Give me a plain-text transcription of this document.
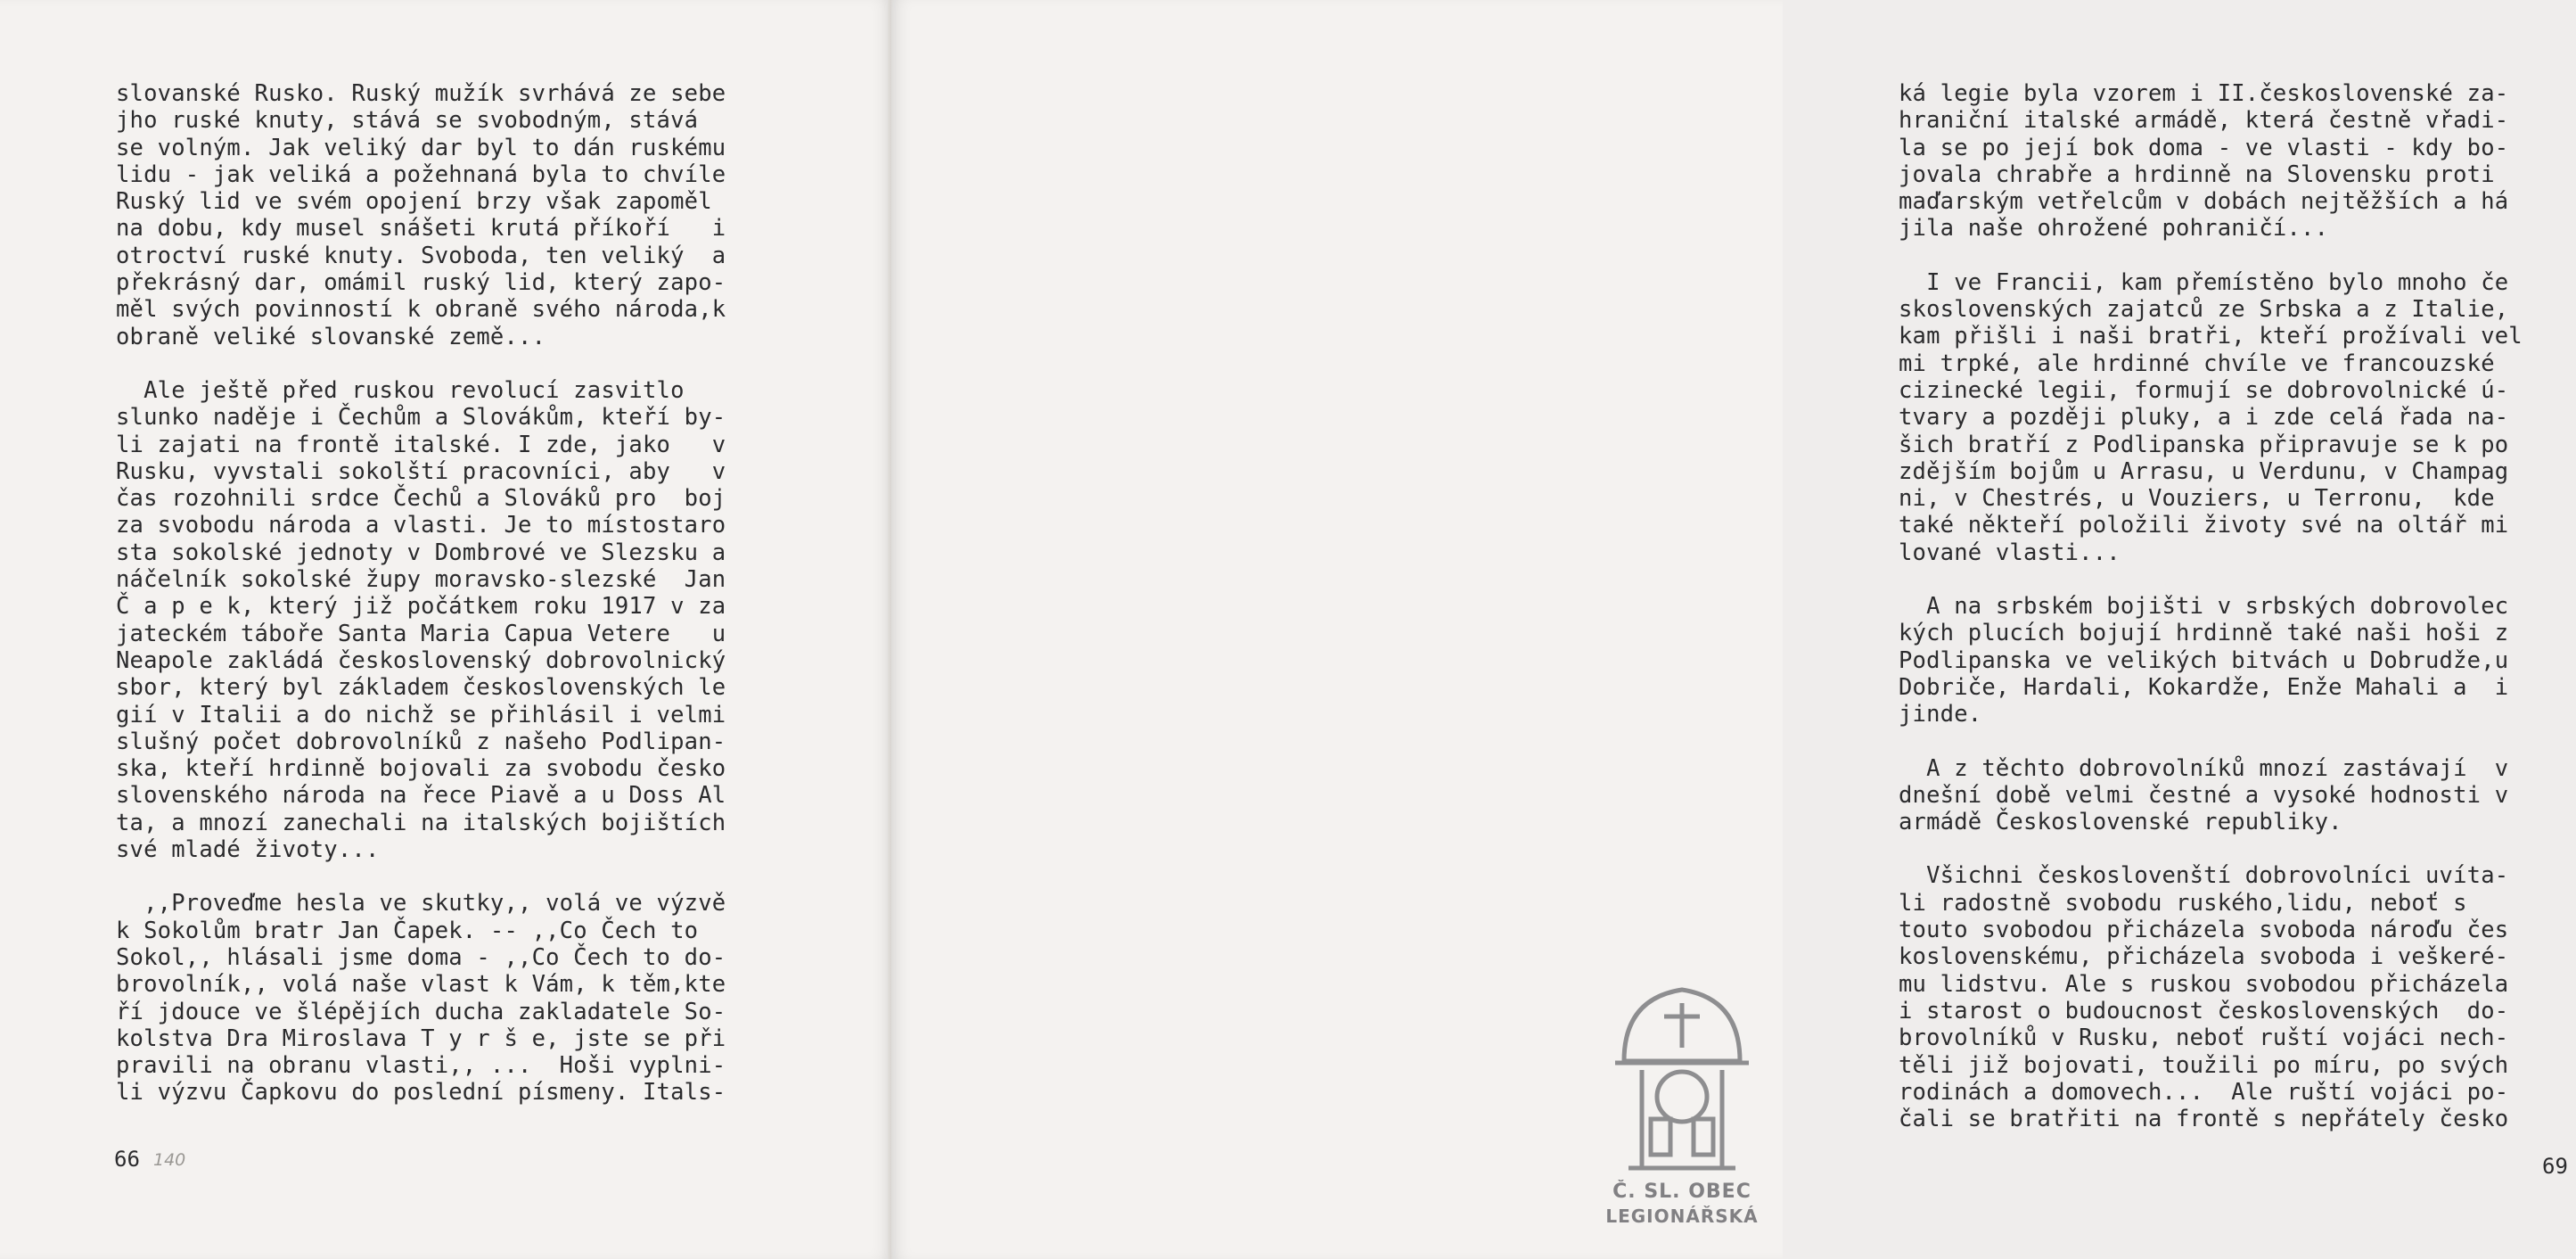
slovanské Rusko. Ruský mužík svrhává ze sebe
jho ruské knuty, stává se svobodným, stává
se volným. Jak veliký dar byl to dán ruskému
lidu - jak veliká a požehnaná byla to chvíle
Ruský lid ve svém opojení brzy však zapoměl
na dobu, kdy musel snášeti krutá příkoří   i
otroctví ruské knuty. Svoboda, ten veliký  a
překrásný dar, omámil ruský lid, který zapo-
měl svých povinností k obraně svého národa,k
obraně veliké slovanské země...
Ale ještě před ruskou revolucí zasvitlo
slunko naděje i Čechům a Slovákům, kteří by-
li zajati na frontě italské. I zde, jako   v
Rusku, vyvstali sokolští pracovníci, aby   v
čas rozohnili srdce Čechů a Slováků pro  boj
za svobodu národa a vlasti. Je to místostaro
sta sokolské jednoty v Dombrové ve Slezsku a
náčelník sokolské župy moravsko-slezské  Jan
Č a p e k, který již počátkem roku 1917 v za
jateckém táboře Santa Maria Capua Vetere   u
Neapole zakládá československý dobrovolnický
sbor, který byl základem československých le
gií v Italii a do nichž se přihlásil i velmi
slušný počet dobrovolníků z našeho Podlipan-
ska, kteří hrdinně bojovali za svobodu česko
slovenského národa na řece Piavě a u Doss Al
ta, a mnozí zanechali na italských bojištích
své mladé životy...
,,Proveďme hesla ve skutky,, volá ve výzvě
k Sokolům bratr Jan Čapek. -- ,,Co Čech to
Sokol,, hlásali jsme doma - ,,Co Čech to do-
brovolník,, volá naše vlast k Vám, k těm,kte
ří jdouce ve šlépějích ducha zakladatele So-
kolstva Dra Miroslava T y r š e, jste se při
pravili na obranu vlasti,, ...  Hoši vyplni-
li výzvu Čapkovu do poslední písmeny. Itals-
66 140
ká legie byla vzorem i II.československé za-
hraniční italské armádě, která čestně vřadi-
la se po její bok doma - ve vlasti - kdy bo-
jovala chrabře a hrdinně na Slovensku proti
maďarským vetřelcům v dobách nejtěžších a há
jila naše ohrožené pohraničí...
I ve Francii, kam přemístěno bylo mnoho če
skoslovenských zajatců ze Srbska a z Italie,
kam přišli i naši bratři, kteří prožívali vel
mi trpké, ale hrdinné chvíle ve francouzské
cizinecké legii, formují se dobrovolnické ú-
tvary a později pluky, a i zde celá řada na-
šich bratří z Podlipanska připravuje se k po
zdějším bojům u Arrasu, u Verdunu, v Champag
ni, v Chestrés, u Vouziers, u Terronu,  kde
také někteří položili životy své na oltář mi
lované vlasti...
A na srbském bojišti v srbských dobrovolec
kých plucích bojují hrdinně také naši hoši z
Podlipanska ve velikých bitvách u Dobrudže,u
Dobriče, Hardali, Kokardže, Enže Mahali a  i
jinde.
A z těchto dobrovolníků mnozí zastávají  v
dnešní době velmi čestné a vysoké hodnosti v
armádě Československé republiky.
Všichni českoslovenští dobrovolníci uvíta-
li radostně svobodu ruského,lidu, neboť s
touto svobodou přicházela svoboda nároďu čes
koslovenskému, přicházela svoboda i veškeré-
mu lidstvu. Ale s ruskou svobodou přicházela
i starost o budoucnost československých  do-
brovolníků v Rusku, neboť ruští vojáci nech-
těli již bojovati, toužili po míru, po svých
rodinách a domovech...  Ale ruští vojáci po-
čali se bratřiti na frontě s nepřátely česko
69
Č. SL. OBEC
LEGIONÁŘSKÁ
